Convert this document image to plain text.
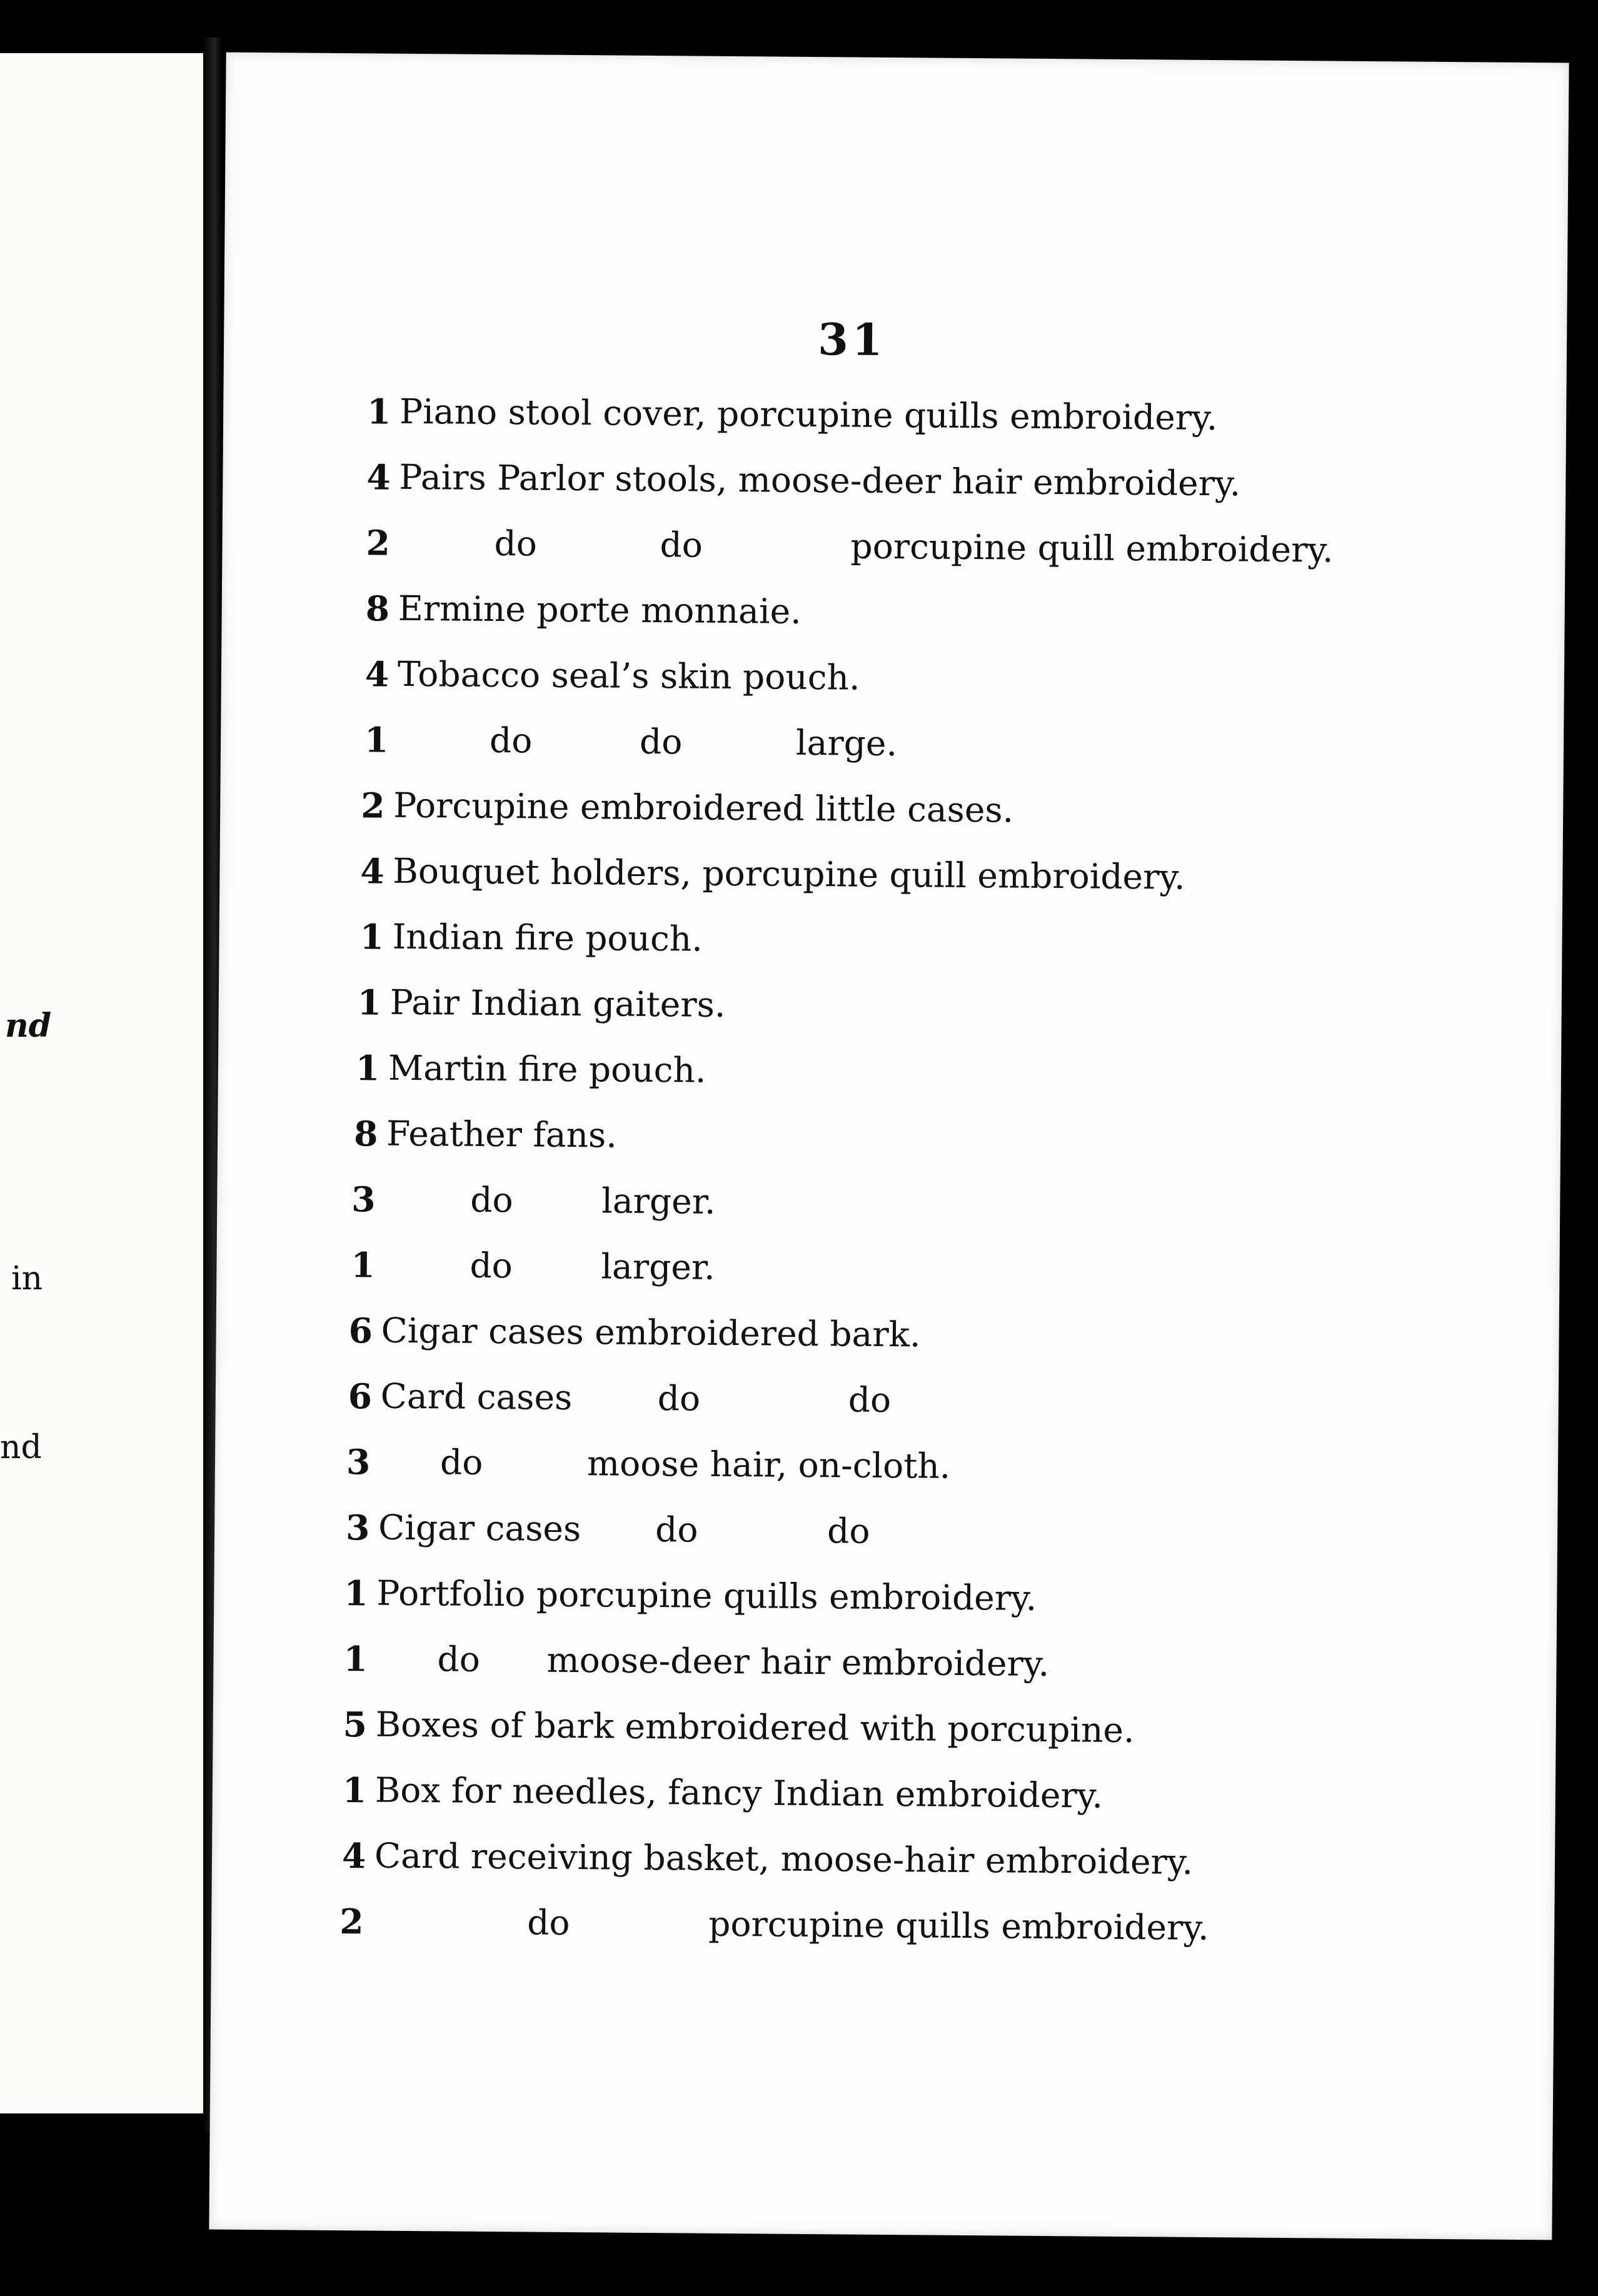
nd
in
nd
31
1 Piano stool cover, porcupine quills embroidery.
4 Pairs Parlor stools, moose-deer hair embroidery.
2	do	do	porcupine quill embroidery.
8 Ermine porte monnaie.
4 Tobacco seal’s skin pouch.
1	do	do	large.
2 Porcupine embroidered little cases.
4 Bouquet holders, porcupine quill embroidery.
1 Indian fire pouch.
1 Pair Indian gaiters.
1 Martin fire pouch.
8 Feather fans.
3	do	larger.
1	do	larger.
6 Cigar cases embroidered bark.
6 Card cases do	do
3 do	moose hair, on-cloth.
3 Cigar cases do	do
1 Portfolio porcupine quills embroidery.
1 do moose-deer hair embroidery.
5 Boxes of bark embroidered with porcupine.
1 Box for needles, fancy Indian embroidery.
4 Card receiving basket, moose-hair embroidery.
2	do	porcupine quills embroidery.
